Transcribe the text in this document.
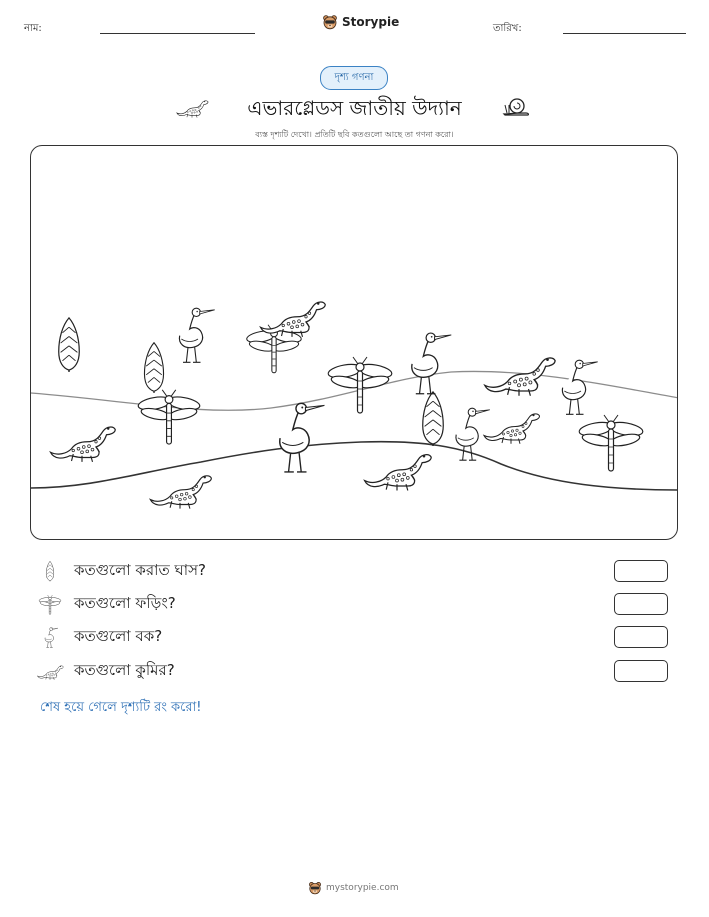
নাম:	Storypie	তারিখ:
দৃশ্য গণনা
এভারগ্লেডস জাতীয় উদ্যান
ব্যস্ত দৃশ্যটি দেখো। প্রতিটি ছবি কতগুলো আছে তা গণনা করো।
কতগুলো করাত ঘাস?
কতগুলো ফড়িং?
কতগুলো বক?
কতগুলো কুমির?
শেষ হয়ে গেলে দৃশ্যটি রং করো!
mystorypie.com
